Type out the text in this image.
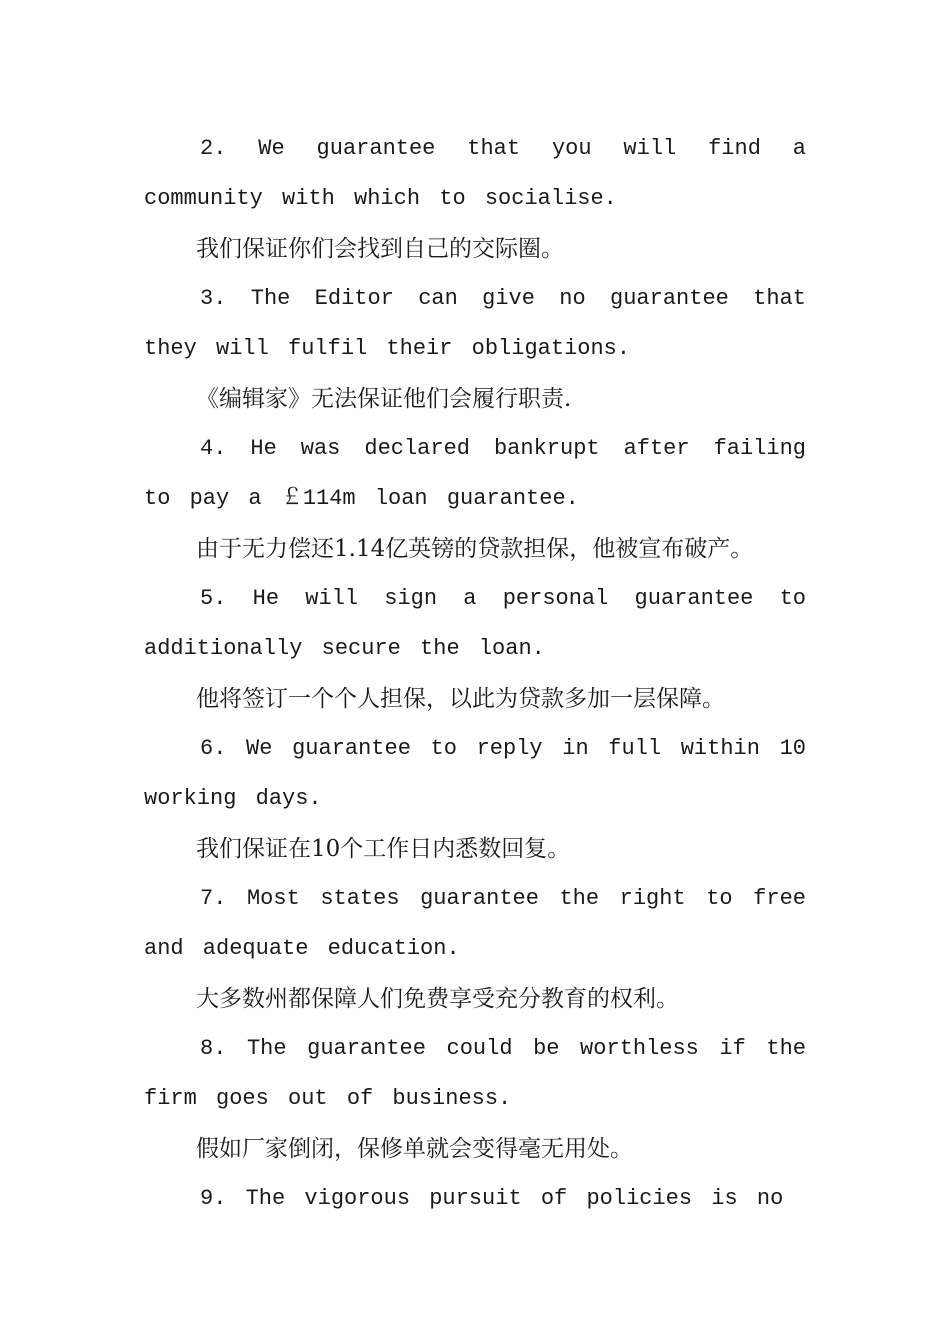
2. We guarantee that you will find a community with which to socialise.

我们保证你们会找到自己的交际圈。

3. The Editor can give no guarantee that they will fulfil their obligations.

《编辑家》无法保证他们会履行职责.

4. He was declared bankrupt after failing to pay a ￡114m loan guarantee.

由于无力偿还1.14亿英镑的贷款担保，他被宣布破产。

5. He will sign a personal guarantee to additionally secure the loan.

他将签订一个个人担保，以此为贷款多加一层保障。

6. We guarantee to reply in full within 10 working days.

我们保证在10个工作日内悉数回复。

7. Most states guarantee the right to free and adequate education.

大多数州都保障人们免费享受充分教育的权利。

8. The guarantee could be worthless if the firm goes out of business.

假如厂家倒闭，保修单就会变得毫无用处。

9. The vigorous pursuit of policies is no
